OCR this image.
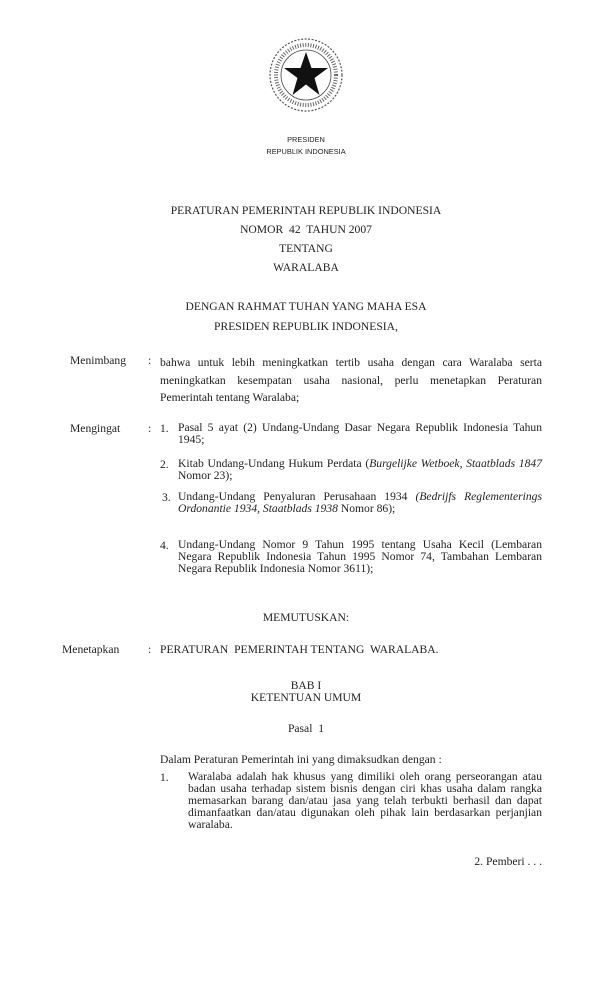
PRESIDEN
REPUBLIK INDONESIA
PERATURAN PEMERINTAH REPUBLIK INDONESIA
NOMOR  42  TAHUN 2007
TENTANG
WARALABA
DENGAN RAHMAT TUHAN YANG MAHA ESA
PRESIDEN REPUBLIK INDONESIA,
Menimbang : bahwa untuk lebih meningkatkan tertib usaha dengan cara Waralaba serta meningkatkan kesempatan usaha nasional, perlu menetapkan Peraturan Pemerintah tentang Waralaba;
Mengingat : 1. Pasal 5 ayat (2) Undang-Undang Dasar Negara Republik Indonesia Tahun 1945;
2. Kitab Undang-Undang Hukum Perdata (Burgelijke Wetboek, Staatblads 1847 Nomor 23);
3. Undang-Undang Penyaluran Perusahaan 1934 (Bedrijfs Reglementerings Ordonantie 1934, Staatblads 1938 Nomor 86);
4. Undang-Undang Nomor 9 Tahun 1995 tentang Usaha Kecil (Lembaran Negara Republik Indonesia Tahun 1995 Nomor 74, Tambahan Lembaran Negara Republik Indonesia Nomor 3611);
MEMUTUSKAN:
Menetapkan : PERATURAN  PEMERINTAH TENTANG  WARALABA.
BAB I
KETENTUAN UMUM
Pasal  1
Dalam Peraturan Pemerintah ini yang dimaksudkan dengan :
1. Waralaba adalah hak khusus yang dimiliki oleh orang perseorangan atau badan usaha terhadap sistem bisnis dengan ciri khas usaha dalam rangka memasarkan barang dan/atau jasa yang telah terbukti berhasil dan dapat dimanfaatkan dan/atau digunakan oleh pihak lain berdasarkan perjanjian waralaba.
2. Pemberi . . .
